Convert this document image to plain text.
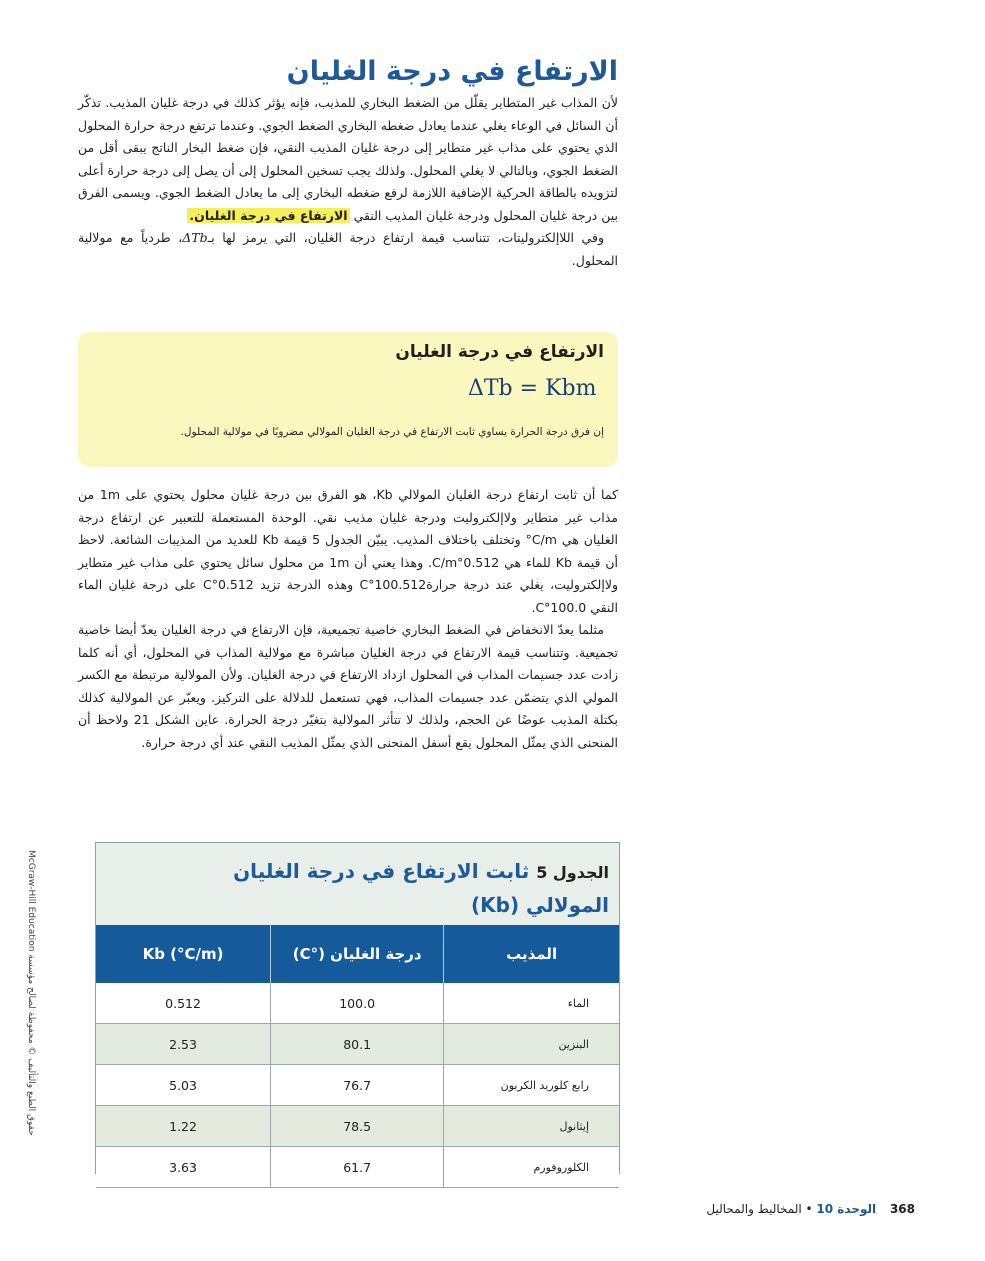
الارتفاع في درجة الغليان

لأن المذاب غير المتطاير يقلّل من الضغط البخاري للمذيب، فإنه يؤثر كذلك في درجة غليان المذيب. تذكّر أن السائل في الوعاء يغلي عندما يعادل ضغطه البخاري الضغط الجوي. وعندما ترتفع درجة حرارة المحلول الذي يحتوي على مذاب غير متطاير إلى درجة غليان المذيب النقي، فإن ضغط البخار الناتج يبقى أقل من الضغط الجوي، وبالتالي لا يغلي المحلول. ولذلك يجب تسخين المحلول إلى أن يصل إلى درجة حرارة أعلى لتزويده بالطاقة الحركية الإضافية اللازمة لرفع ضغطه البخاري إلى ما يعادل الضغط الجوي. ويسمى الفرق بين درجة غليان المحلول ودرجة غليان المذيب النقي الارتفاع في درجة الغليان.

وفي اللاإلكتروليتات، تتناسب قيمة ارتفاع درجة الغليان، التي يرمز لها بـΔTb، طردياً مع مولالية المحلول.

الارتفاع في درجة الغليان

ΔTb = Kbm

إن فرق درجة الحرارة يساوي ثابت الارتفاع في درجة الغليان المولالي مضروبًا في مولالية المحلول.

كما أن ثابت ارتفاع درجة الغليان المولالي Kb، هو الفرق بين درجة غليان محلول يحتوي على 1m من مذاب غير متطاير ولاإلكتروليت ودرجة غليان مذيب نقي. الوحدة المستعملة للتعبير عن ارتفاع درجة الغليان هي C/m° وتختلف باختلاف المذيب. يبيّن الجدول 5 قيمة Kb للعديد من المذيبات الشائعة. لاحظ أن قيمة Kb للماء هي 0.512°C/m. وهذا يعني أن 1m من محلول سائل يحتوي على مذاب غير متطاير ولاإلكتروليت، يغلي عند درجة حرارة100.512°C وهذه الدرجة تزيد 0.512°C على درجة غليان الماء النقي 100.0°C.

مثلما يعدّ الانخفاض في الضغط البخاري خاصية تجميعية، فإن الارتفاع في درجة الغليان يعدّ أيضا خاصية تجميعية. وتتناسب قيمة الارتفاع في درجة الغليان مباشرة مع مولالية المذاب في المحلول، أي أنه كلما زادت عدد جسيمات المذاب في المحلول ازداد الارتفاع في درجة الغليان. ولأن المولالية مرتبطة مع الكسر المولي الذي يتضمّن عدد جسيمات المذاب، فهي تستعمل للدلالة على التركيز. ويعبّر عن المولالية كذلك بكتلة المذيب عوضًا عن الحجم، ولذلك لا تتأثر المولالية بتغيّر درجة الحرارة. عاين الشكل 21 ولاحظ أن المنحنى الذي يمثّل المحلول يقع أسفل المنحنى الذي يمثّل المذيب النقي عند أي درجة حرارة.

الجدول 5 ثابت الارتفاع في درجة الغليان المولالي (Kb)

المذيب	درجة الغليان (°C)	Kb (°C/m)
الماء	100.0	0.512
البنزين	80.1	2.53
رابع كلوريد الكربون	76.7	5.03
إيثانول	78.5	1.22
الكلوروفورم	61.7	3.63
حقوق الطبع والتأليف © محفوظة لصالح مؤسسة McGraw-Hill Education
368 الوحدة 10 • المخاليط والمحاليل
